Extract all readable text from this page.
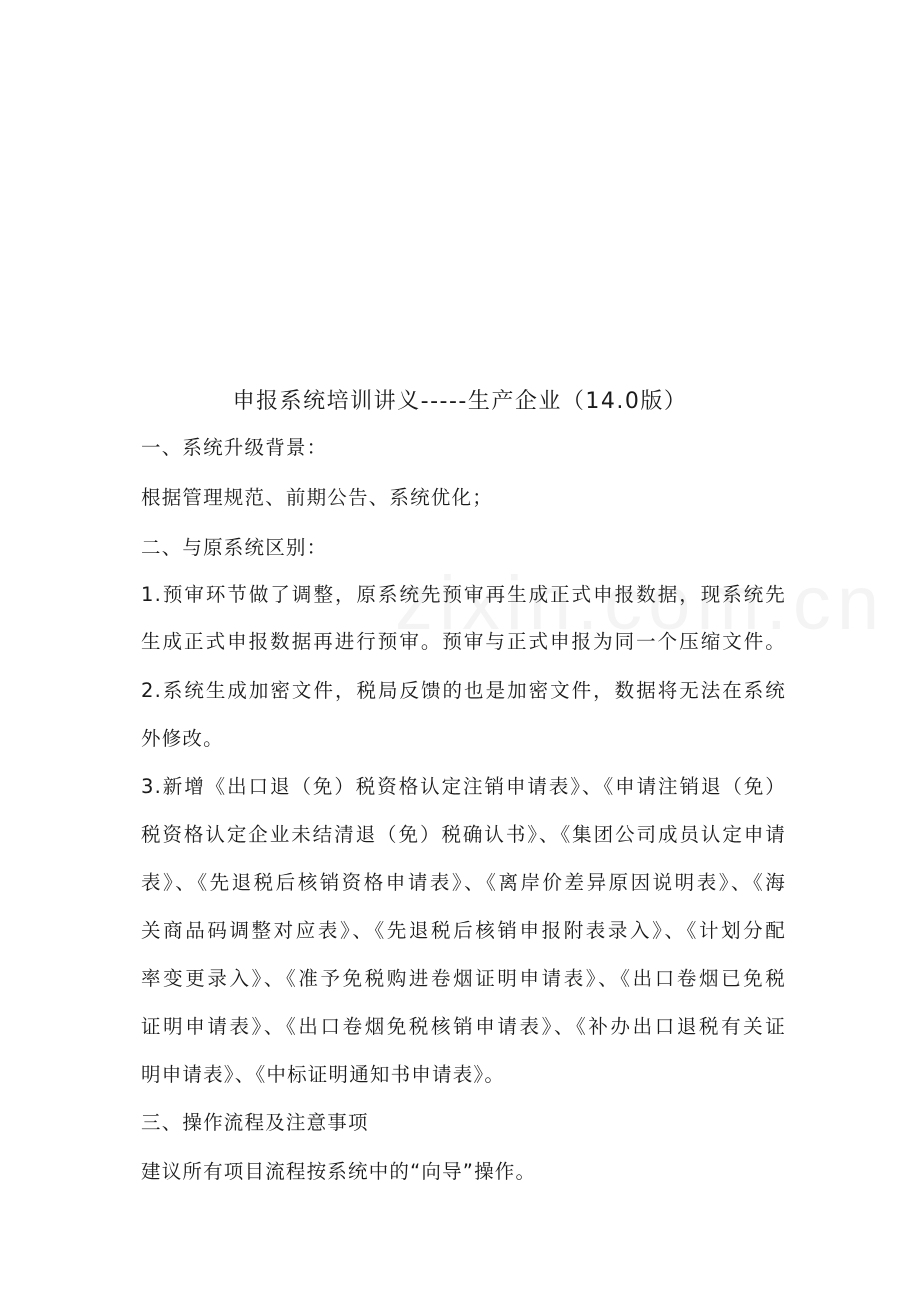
申报系统培训讲义-----生产企业（14.0版）
一、系统升级背景：
根据管理规范、前期公告、系统优化；
二、与原系统区别：
1.预审环节做了调整，原系统先预审再生成正式申报数据，现系统先
生成正式申报数据再进行预审。预审与正式申报为同一个压缩文件。
2.系统生成加密文件，税局反馈的也是加密文件，数据将无法在系统
外修改。
3.新增《出口退（免）税资格认定注销申请表》、《申请注销退（免）
税资格认定企业未结清退（免）税确认书》、《集团公司成员认定申请
表》、《先退税后核销资格申请表》、《离岸价差异原因说明表》、《海
关商品码调整对应表》、《先退税后核销申报附表录入》、《计划分配
率变更录入》、《准予免税购进卷烟证明申请表》、《出口卷烟已免税
证明申请表》、《出口卷烟免税核销申请表》、《补办出口退税有关证
明申请表》、《中标证明通知书申请表》。
三、操作流程及注意事项
建议所有项目流程按系统中的“向导”操作。
